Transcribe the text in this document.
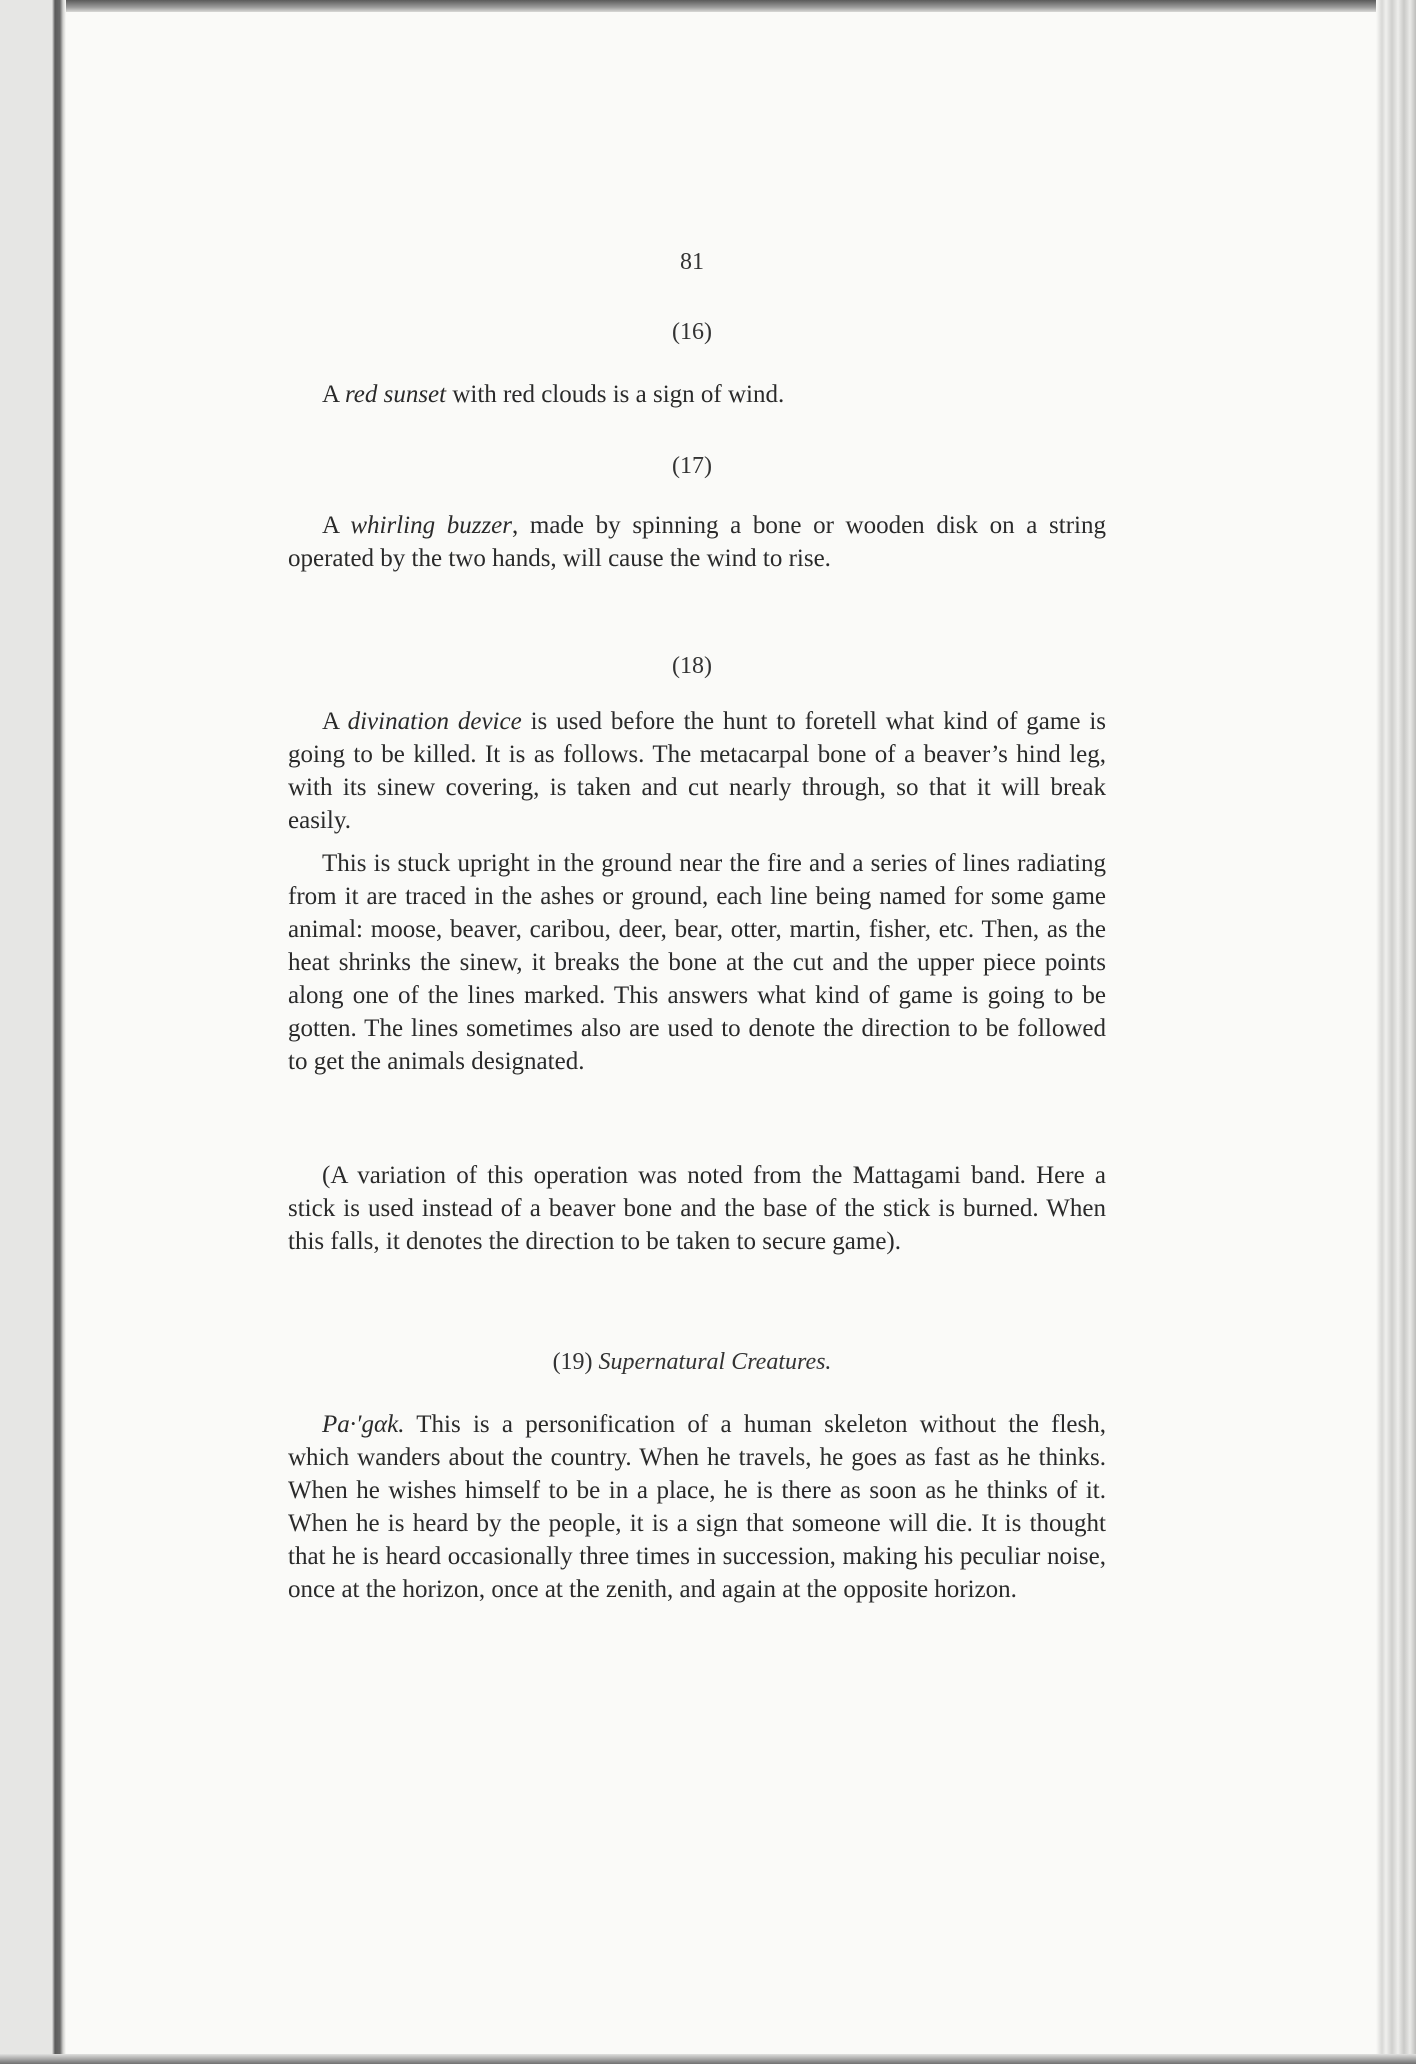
81
(16)

A red sunset with red clouds is a sign of wind.

(17)

A whirling buzzer, made by spinning a bone or wooden disk on a string operated by the two hands, will cause the wind to rise.

(18)

A divination device is used before the hunt to foretell what kind of game is going to be killed. It is as follows. The metacarpal bone of a beaver’s hind leg, with its sinew covering, is taken and cut nearly through, so that it will break easily.

This is stuck upright in the ground near the fire and a series of lines radiating from it are traced in the ashes or ground, each line being named for some game animal: moose, beaver, caribou, deer, bear, otter, martin, fisher, etc. Then, as the heat shrinks the sinew, it breaks the bone at the cut and the upper piece points along one of the lines marked. This answers what kind of game is going to be gotten. The lines sometimes also are used to denote the direction to be followed to get the animals designated.

(A variation of this operation was noted from the Mattagami band. Here a stick is used instead of a beaver bone and the base of the stick is burned. When this falls, it denotes the direction to be taken to secure game).

(19) Supernatural Creatures.

Pa·′gαk. This is a personification of a human skeleton without the flesh, which wanders about the country. When he travels, he goes as fast as he thinks. When he wishes himself to be in a place, he is there as soon as he thinks of it. When he is heard by the people, it is a sign that someone will die. It is thought that he is heard occasionally three times in succession, making his peculiar noise, once at the horizon, once at the zenith, and again at the opposite horizon.
